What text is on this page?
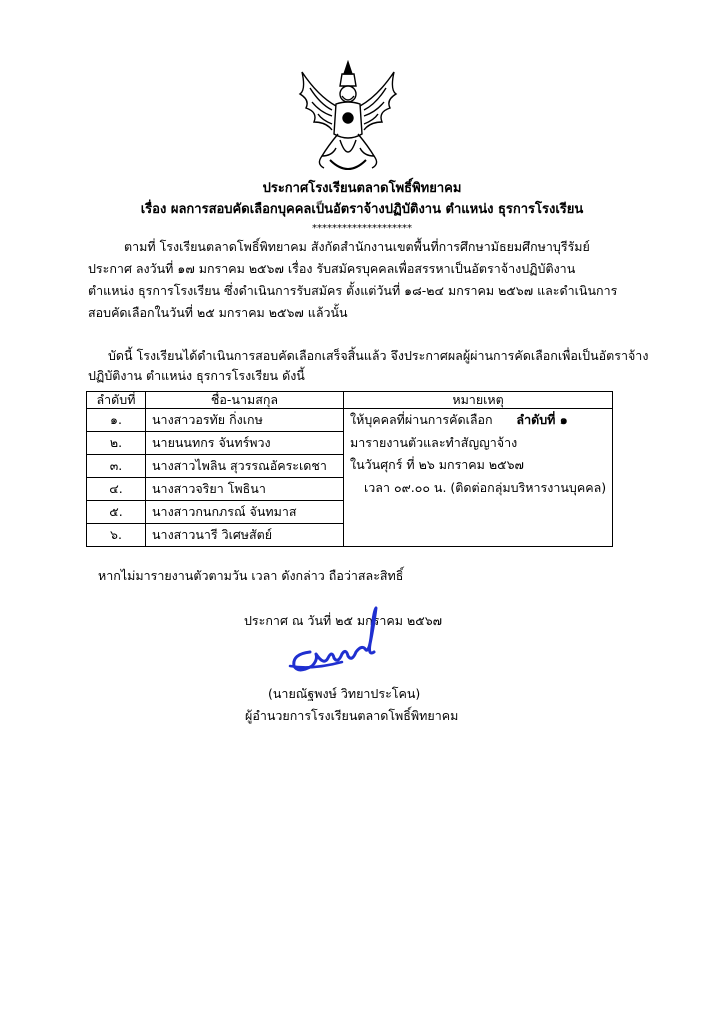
ประกาศโรงเรียนตลาดโพธิ์พิทยาคม
เรื่อง ผลการสอบคัดเลือกบุคคลเป็นอัตราจ้างปฏิบัติงาน ตำแหน่ง ธุรการโรงเรียน
********************

ตามที่ โรงเรียนตลาดโพธิ์พิทยาคม สังกัดสำนักงานเขตพื้นที่การศึกษามัธยมศึกษาบุรีรัมย์

ประกาศ ลงวันที่ ๑๗ มกราคม ๒๕๖๗ เรื่อง รับสมัครบุคคลเพื่อสรรหาเป็นอัตราจ้างปฏิบัติงาน

ตำแหน่ง ธุรการโรงเรียน ซึ่งดำเนินการรับสมัคร ตั้งแต่วันที่ ๑๘-๒๔ มกราคม ๒๕๖๗ และดำเนินการ

สอบคัดเลือกในวันที่ ๒๕ มกราคม ๒๕๖๗ แล้วนั้น

บัดนี้ โรงเรียนได้ดำเนินการสอบคัดเลือกเสร็จสิ้นแล้ว จึงประกาศผลผู้ผ่านการคัดเลือกเพื่อเป็นอัตราจ้าง

ปฏิบัติงาน ตำแหน่ง ธุรการโรงเรียน ดังนี้

ลำดับที่	ชื่อ-นามสกุล	หมายเหตุ
๑.	นางสาวอรทัย กิ่งเกษ	ให้บุคคลที่ผ่านการคัดเลือก ลำดับที่ ๑
มารายงานตัวและทำสัญญาจ้าง
ในวันศุกร์ ที่ ๒๖ มกราคม ๒๕๖๗
เวลา ๐๙.๐๐ น. (ติดต่อกลุ่มบริหารงานบุคคล)

๒.	นายนนทกร จันทร์พวง	
๓.	นางสาวไพลิน สุวรรณอัคระเดชา	
๔.	นางสาวจริยา โพธินา	
๕.	นางสาวกนกภรณ์ จันทมาส	
๖.	นางสาวนารี วิเศษสัตย์	

หากไม่มารายงานตัวตามวัน เวลา ดังกล่าว ถือว่าสละสิทธิ์

ประกาศ ณ วันที่ ๒๕ มกราคม ๒๕๖๗
(นายณัฐพงษ์ วิทยาประโคน)
ผู้อำนวยการโรงเรียนตลาดโพธิ์พิทยาคม
